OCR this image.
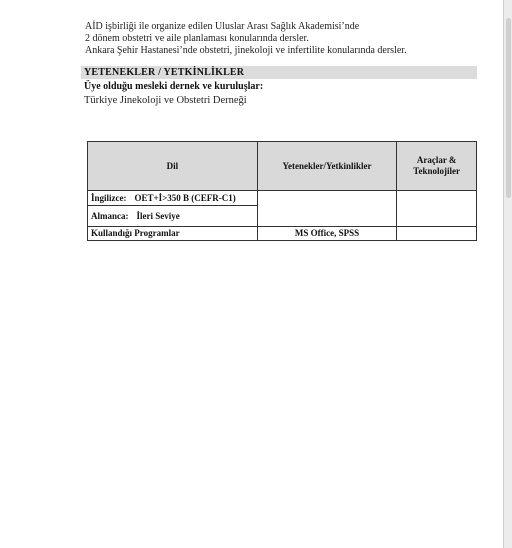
AİD işbirliği ile organize edilen Uluslar Arası Sağlık Akademisi’nde
2 dönem obstetri ve aile planlaması konularında dersler.
Ankara Şehir Hastanesi’nde obstetri, jinekoloji ve infertilite konularında dersler.
YETENEKLER / YETKİNLİKLER
Üye olduğu mesleki dernek ve kuruluşlar:
Türkiye Jinekoloji ve Obstetri Derneği
Dil	Yetenekler/Yetkinlikler	Araçlar & Teknolojiler

İngilizce: OET+İ>350 B (CEFR-C1)		

Almanca: İleri Seviye		

Kullandığı Programlar	MS Office, SPSS	
